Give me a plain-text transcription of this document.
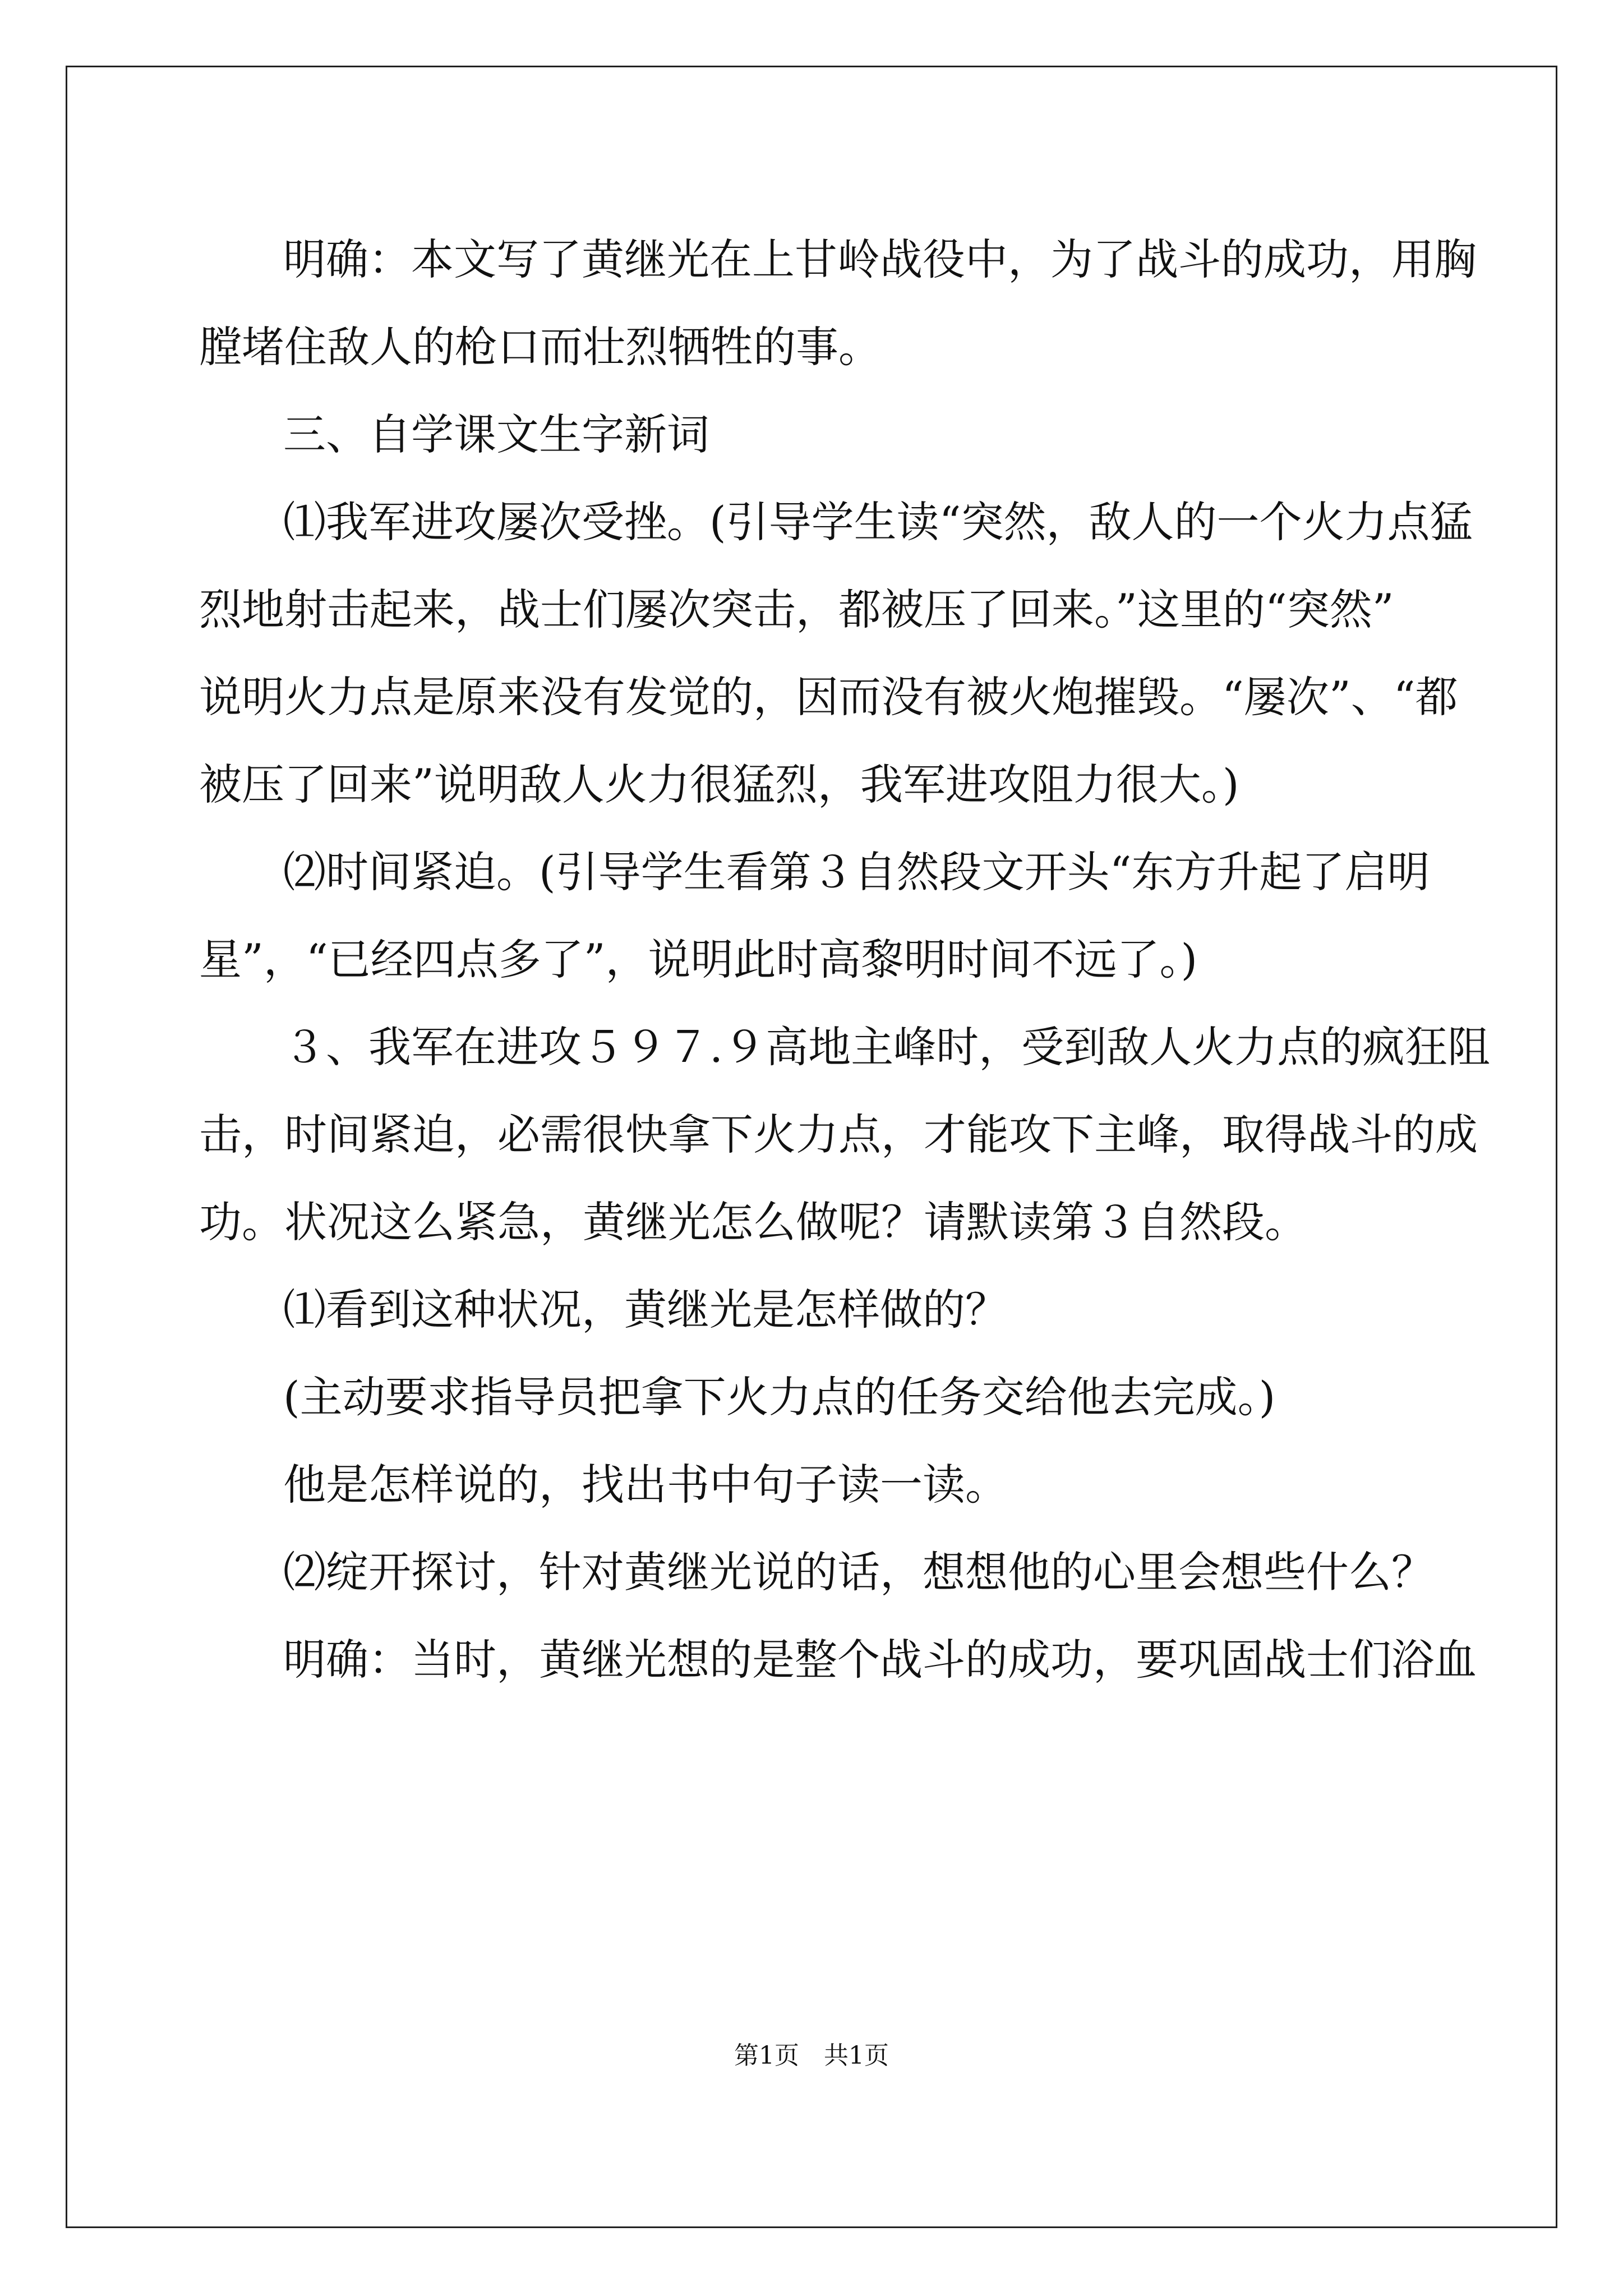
明确：本文写了黄继光在上甘岭战役中，为了战斗的成功，用胸

膛堵住敌人的枪口而壮烈牺牲的事。

三、自学课文生字新词

⑴我军进攻屡次受挫。(引导学生读“突然，敌人的一个火力点猛

烈地射击起来，战士们屡次突击，都被压了回来。”这里的“突然”

说明火力点是原来没有发觉的，因而没有被火炮摧毁。“屡次”、“都

被压了回来”说明敌人火力很猛烈，我军进攻阻力很大。)

⑵时间紧迫。(引导学生看第３自然段文开头“东方升起了启明

星”，“已经四点多了”，说明此时高黎明时间不远了。)

３、我军在进攻５９７.９高地主峰时，受到敌人火力点的疯狂阻

击，时间紧迫，必需很快拿下火力点，才能攻下主峰，取得战斗的成

功。状况这么紧急，黄继光怎么做呢？请默读第３自然段。

⑴看到这种状况，黄继光是怎样做的？

(主动要求指导员把拿下火力点的任务交给他去完成。)

他是怎样说的，找出书中句子读一读。

⑵绽开探讨，针对黄继光说的话，想想他的心里会想些什么？

明确：当时，黄继光想的是整个战斗的成功，要巩固战士们浴血

第1页　共1页
